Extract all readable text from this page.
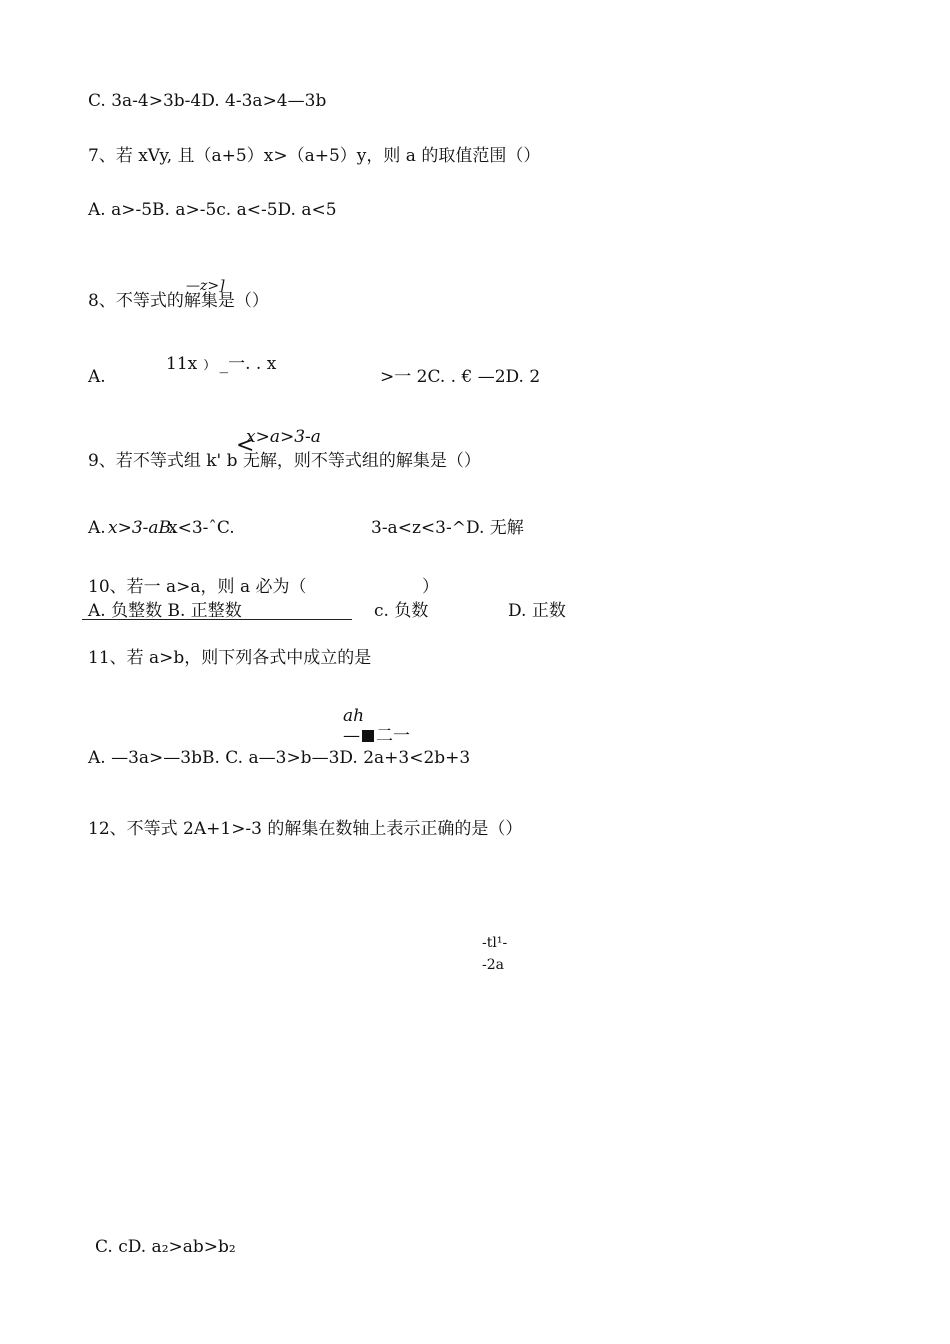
C. 3a-4>3b-4D. 4-3a>4—3b
7、若 xVy, 且（a+5）x>（a+5）y，则 a 的取值范围（）
A. a>-5B. a>-5c. a<-5D. a<5
—z>]
8、不等式的解集是（）
A.
11x﹚ _一. . x
>一 2C. . € —2D. 2
x>a>3-a
<
9、若不等式组 k' b 无解，则不等式组的解集是（）
A. x>3-aB.
x<3-ˆC.	3-a<z<3-^D. 无解
10、若一 a>a，则 a 必为（	）
A. 负整数 B. 正整数	c. 负数	D. 正数
11、若 a>b，则下列各式中成立的是
ah
— 二一
A. —3a>—3bB. C. a—3>b—3D. 2a+3<2b+3
12、不等式 2A+1>-3 的解集在数轴上表示正确的是（）
-tl¹-
-2a
C. cD. a₂>ab>b₂
